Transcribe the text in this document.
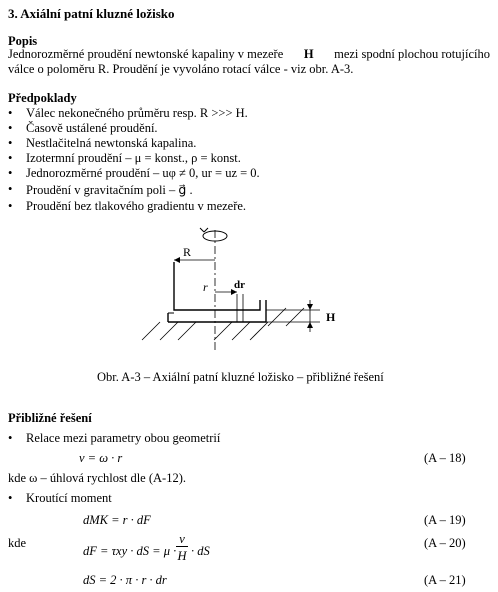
3. Axiální patní kluzné ložisko
Popis
Jednorozměrné proudění newtonské kapaliny v mezeře H mezi spodní plochou rotujícího
válce o poloměru R. Proudění je vyvoláno rotací válce - viz obr. A-3.
Předpoklady
• Válec nekonečného průměru resp. R >>> H.
• Časově ustálené proudění.
• Nestlačitelná newtonská kapalina.
• Izotermní proudění – μ = konst., ρ = konst.
• Jednorozměrné proudění – uφ ≠ 0, ur = uz = 0.
• Proudění v gravitačním poli – g⃗ .
• Proudění bez tlakového gradientu v mezeře.
R
r dr
H
Obr. A-3 – Axiální patní kluzné ložisko – přibližné řešení
Přibližné řešení
• Relace mezi parametry obou geometrií
v = ω · r	(A – 18)
kde ω – úhlová rychlost dle (A-12).
• Kroutící moment
dMK = r · dF	(A – 19)
kde
dF = τxy · dS = μ ·
v
H · dS
(A – 20)
dS = 2 · π · r · dr	(A – 21)
